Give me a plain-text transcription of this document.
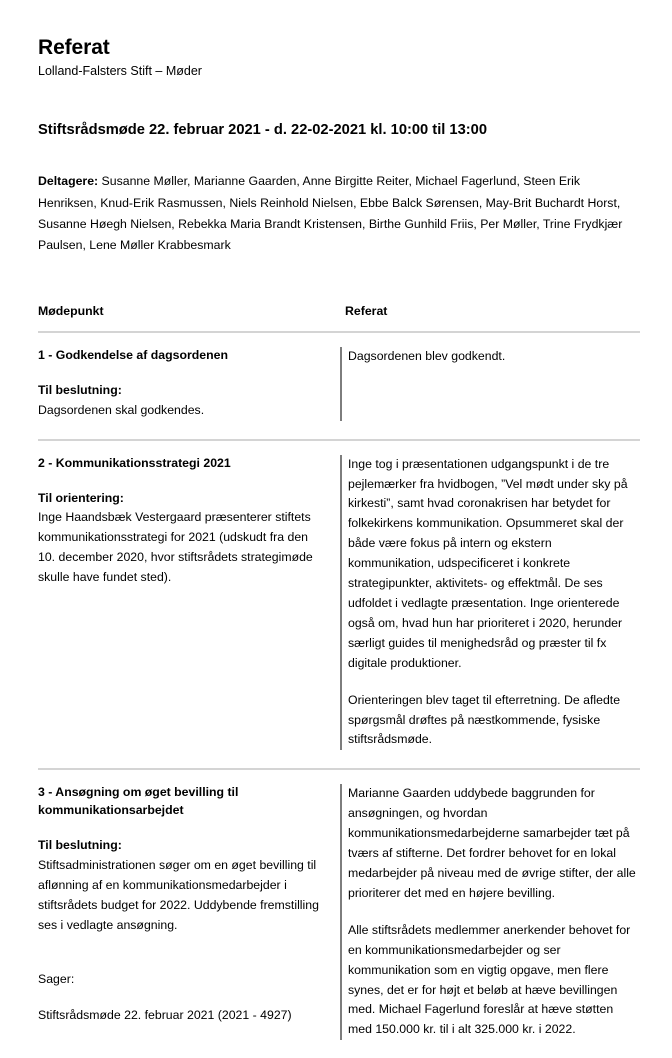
Referat
Lolland-Falsters Stift – Møder
Stiftsrådsmøde 22. februar 2021 - d. 22-02-2021 kl. 10:00 til 13:00

Deltagere: Susanne Møller, Marianne Gaarden, Anne Birgitte Reiter, Michael Fagerlund, Steen Erik Henriksen, Knud-Erik Rasmussen, Niels Reinhold Nielsen, Ebbe Balck Sørensen, May-Brit Buchardt Horst, Susanne Høegh Nielsen, Rebekka Maria Brandt Kristensen, Birthe Gunhild Friis, Per Møller, Trine Frydkjær Paulsen, Lene Møller Krabbesmark

Mødepunkt	Referat

1 - Godkendelse af dagsordenen

Til beslutning:

Dagsordenen skal godkendes.

Dagsordenen blev godkendt.

2 - Kommunikationsstrategi 2021

Til orientering:

Inge Haandsbæk Vestergaard præsenterer stiftets kommunikationsstrategi for 2021 (udskudt fra den 10. december 2020, hvor stiftsrådets strategimøde skulle have fundet sted).

Inge tog i præsentationen udgangspunkt i de tre pejlemærker fra hvidbogen, ”Vel mødt under sky på kirkesti”, samt hvad coronakrisen har betydet for folkekirkens kommunikation. Opsummeret skal der både være fokus på intern og ekstern kommunikation, udspecificeret i konkrete strategipunkter, aktivitets- og effektmål. De ses udfoldet i vedlagte præsentation. Inge orienterede også om, hvad hun har prioriteret i 2020, herunder særligt guides til menighedsråd og præster til fx digitale produktioner.

Orienteringen blev taget til efterretning. De afledte spørgsmål drøftes på næstkommende, fysiske stiftsrådsmøde.

3 - Ansøgning om øget bevilling til kommunikationsarbejdet

Til beslutning:

Stiftsadministrationen søger om en øget bevilling til aflønning af en kommunikationsmedarbejder i stiftsrådets budget for 2022. Uddybende fremstilling ses i vedlagte ansøgning.

Sager:

Stiftsrådsmøde 22. februar 2021 (2021 - 4927)

Marianne Gaarden uddybede baggrunden for ansøgningen, og hvordan kommunikationsmedarbejderne samarbejder tæt på tværs af stifterne. Det fordrer behovet for en lokal medarbejder på niveau med de øvrige stifter, der alle prioriterer det med en højere bevilling.

Alle stiftsrådets medlemmer anerkender behovet for en kommunikationsmedarbejder og ser kommunikation som en vigtig opgave, men flere synes, det er for højt et beløb at hæve bevillingen med. Michael Fagerlund foreslår at hæve støtten med 150.000 kr. til i alt 325.000 kr. i 2022.
